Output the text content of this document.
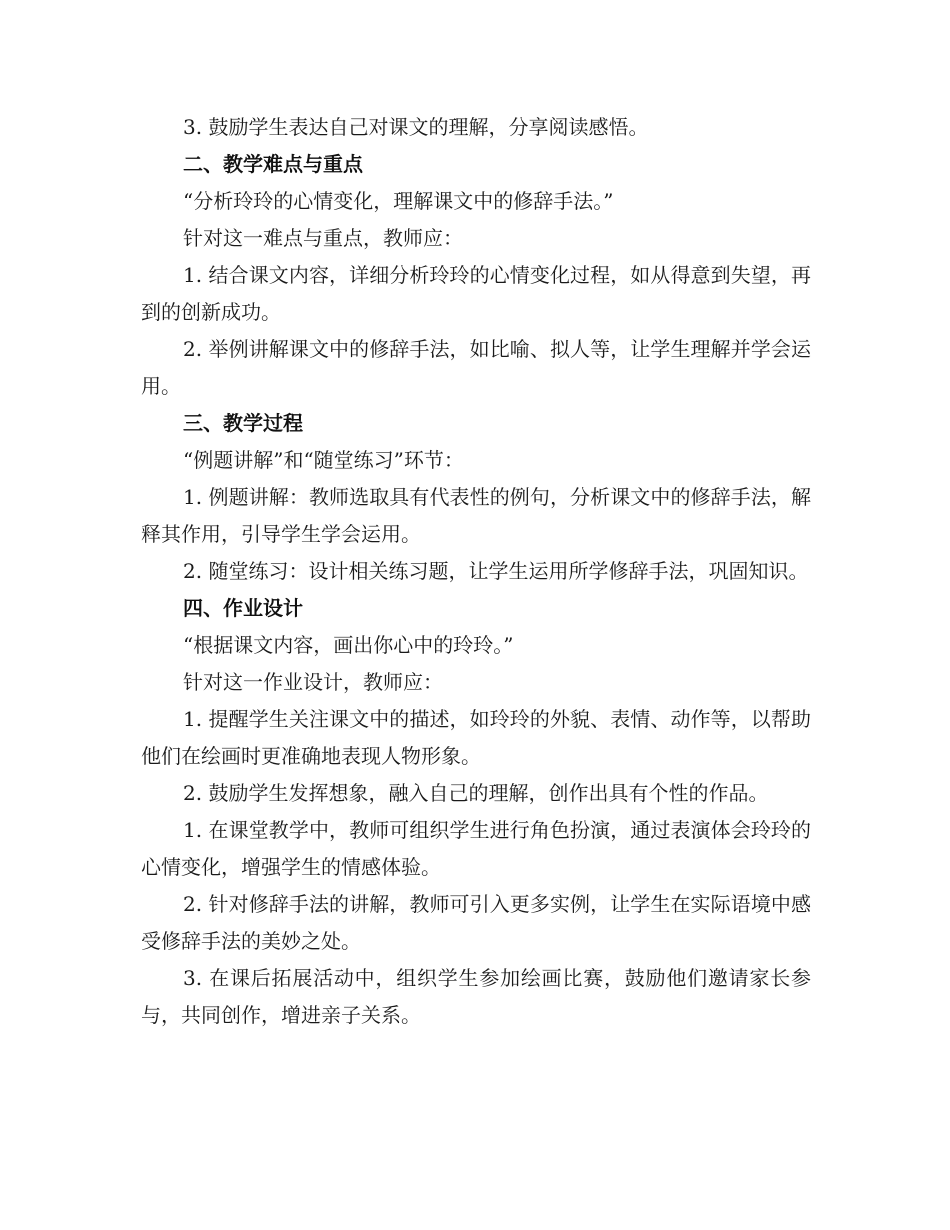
3. 鼓励学生表达自己对课文的理解，分享阅读感悟。

二、教学难点与重点

“分析玲玲的心情变化，理解课文中的修辞手法。”

针对这一难点与重点，教师应：

1. 结合课文内容，详细分析玲玲的心情变化过程，如从得意到失望，再到的创新成功。

2. 举例讲解课文中的修辞手法，如比喻、拟人等，让学生理解并学会运用。

三、教学过程

“例题讲解”和“随堂练习”环节：

1. 例题讲解：教师选取具有代表性的例句，分析课文中的修辞手法，解释其作用，引导学生学会运用。

2. 随堂练习：设计相关练习题，让学生运用所学修辞手法，巩固知识。

四、作业设计

“根据课文内容，画出你心中的玲玲。”

针对这一作业设计，教师应：

1. 提醒学生关注课文中的描述，如玲玲的外貌、表情、动作等，以帮助他们在绘画时更准确地表现人物形象。

2. 鼓励学生发挥想象，融入自己的理解，创作出具有个性的作品。

1. 在课堂教学中，教师可组织学生进行角色扮演，通过表演体会玲玲的心情变化，增强学生的情感体验。

2. 针对修辞手法的讲解，教师可引入更多实例，让学生在实际语境中感受修辞手法的美妙之处。

3. 在课后拓展活动中，组织学生参加绘画比赛，鼓励他们邀请家长参与，共同创作，增进亲子关系。
